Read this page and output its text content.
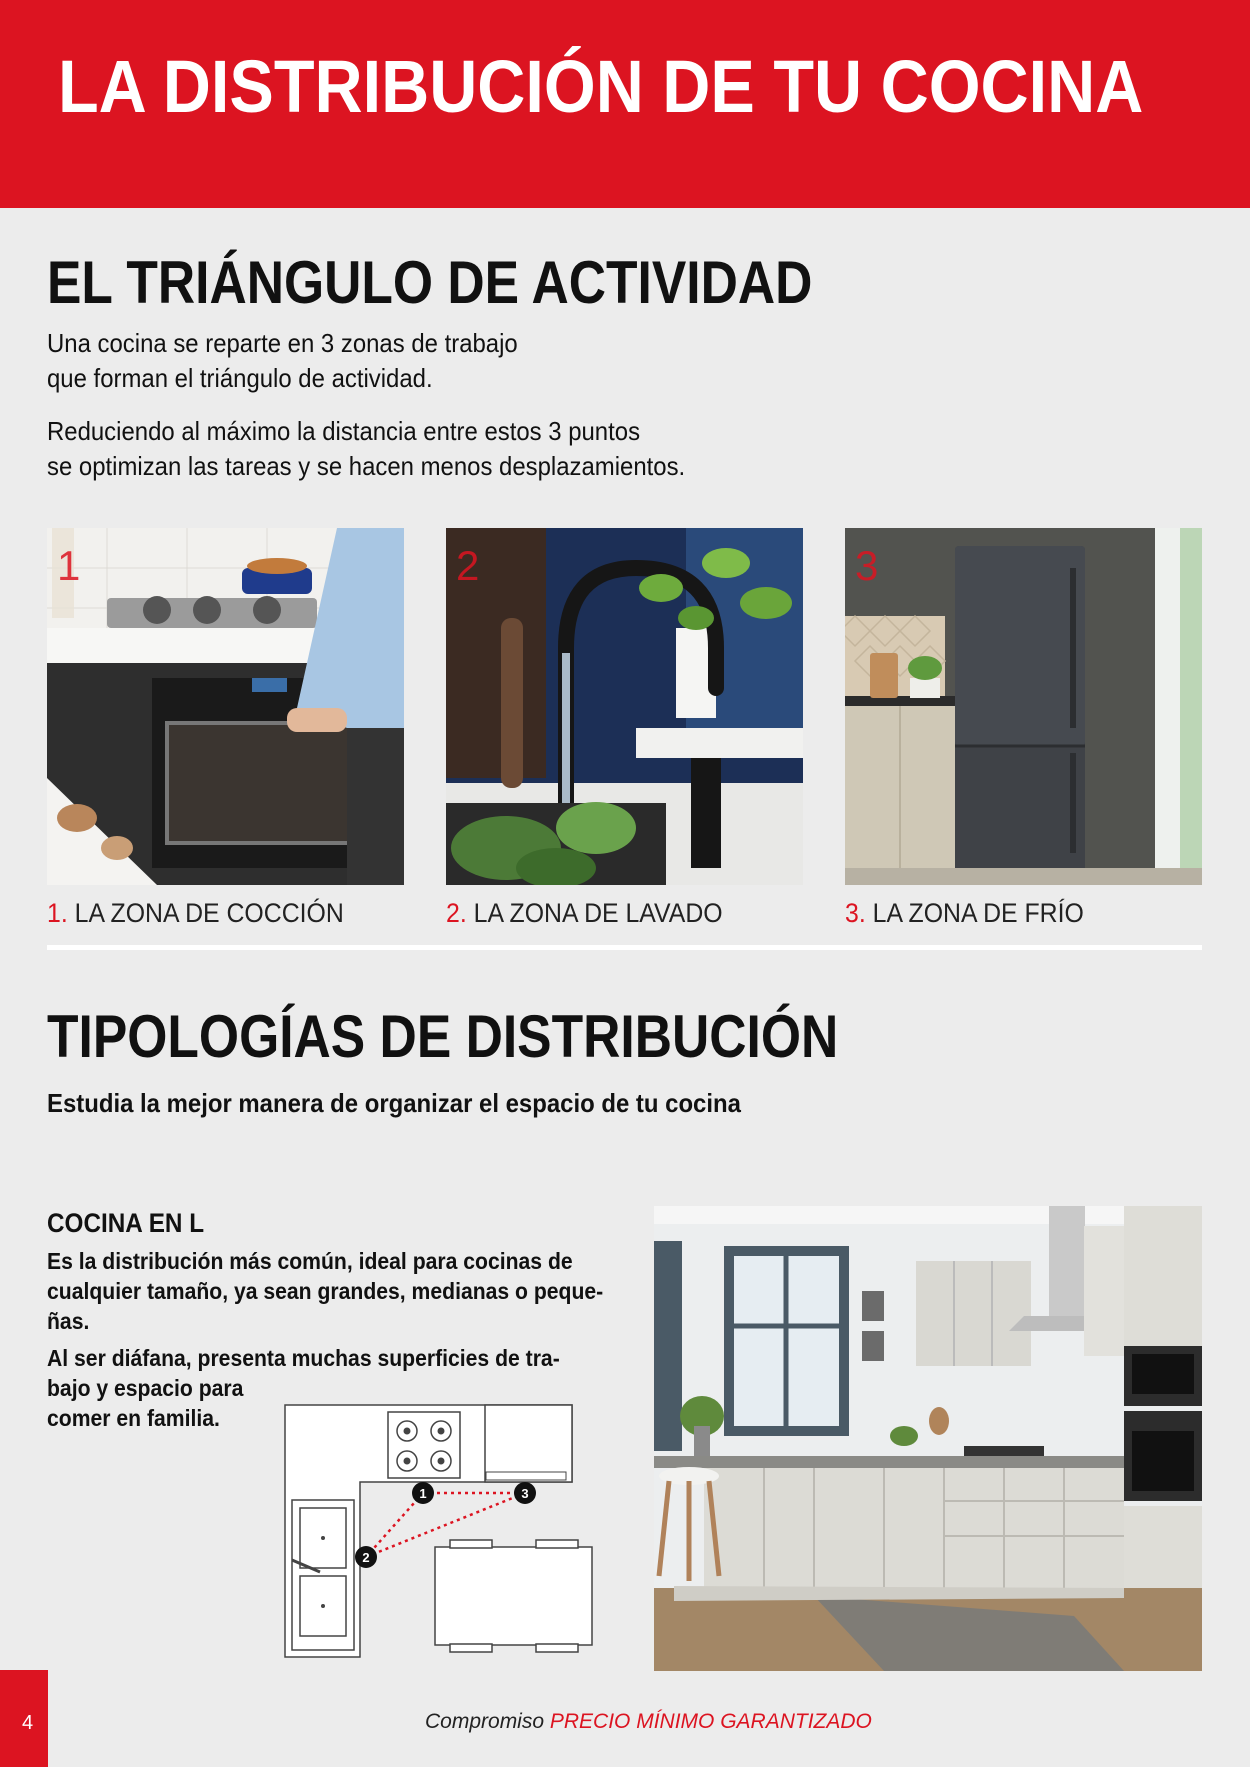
LA DISTRIBUCIÓN DE TU COCINA
EL TRIÁNGULO DE ACTIVIDAD

Una cocina se reparte en 3 zonas de trabajo

que forman el triángulo de actividad.

Reduciendo al máximo la distancia entre estos 3 puntos

se optimizan las tareas y se hacen menos desplazamientos.

1	2	3

1. LA ZONA DE COCCIÓN	2. LA ZONA DE LAVADO	3. LA ZONA DE FRÍO

TIPOLOGÍAS DE DISTRIBUCIÓN

Estudia la mejor manera de organizar el espacio de tu cocina

COCINA EN L

Es la distribución más común, ideal para cocinas de

cualquier tamaño, ya sean grandes, medianas o peque-

ñas.

Al ser diáfana, presenta muchas superficies de tra-

bajo y espacio para

comer en familia.

1
2
3
4	Compromiso PRECIO MÍNIMO GARANTIZADO
